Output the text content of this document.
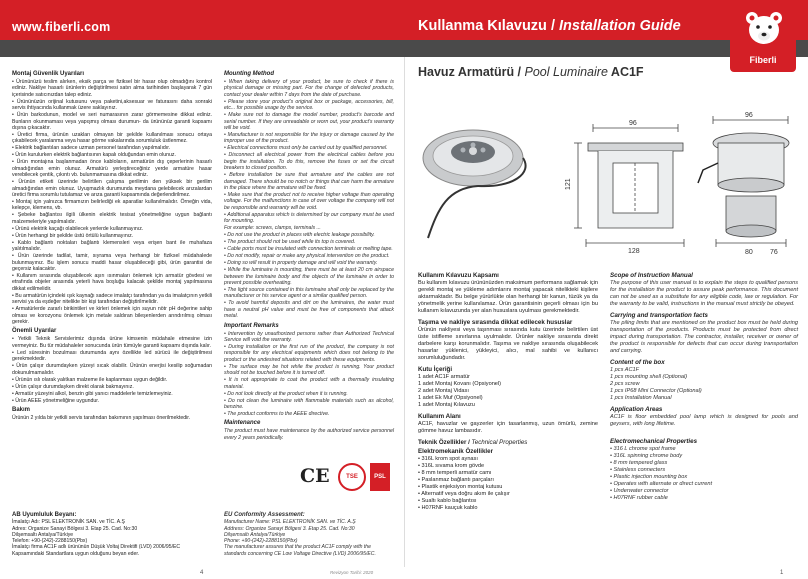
www.fiberli.com	Kullanma Kılavuzu / Installation Guide
Fiberli
Montaj Güvenlik Uyarıları

• Ürününüzü teslim alırken, eksik parça ve fiziksel bir hasar olup olmadığını kontrol ediniz. Nakliye hasarlı ürünlerin değiştirilmesi satın alma tarihinden başlayarak 7 gün içerisinde satıcınızdan talep ediniz.

• Ürününüzün orijinal kutusunu veya paketini,aksesuar ve faturasını daha sonraki servis ihtiyacında kullanmak üzere saklayınız.

• Ürün barkodunun, model ve seri numarasının zarar görmemesine dikkat ediniz. Bunların okunmaması veya yapışmış olması durumun- da ürününüz garanti kapsamı dışına çıkacaktır.

• Üretici firma, ürünün uzakları olmayan bir şekilde kullanılması sonucu ortaya çıkabilecek yaralanma veya hasar görme vakalarında sorumluluk üstlenmez.

• Elektrik bağlantıları sadece uzman personel tarafından yapılmalıdır.

• Ürün kurulurken elektrik bağlantısının kapalı olduğundan emin olunuz.

• Ürün montajına başlanmadan önce kabloların, armatürün dış çeperlerinin hasarlı olmadığından emin olunuz. Armatürü yerleştireceğiniz yerde armatüre hasar verebilecek çentik, çıkıntı vb. bulunmamasına dikkat ediniz.

• Ürünün etiketi üzerinde belirtilen çalışma gerilimin den yüksek bir gerilim almadığından emin olunuz. Uyuşmazlık durumunda meydana gelebilecek arızalardan üretici firma sorumlu tutulamaz ve arıza garanti kapsamında değerlendirilmez.

• Montaj için yalnızca firmamızın belirlediği ek aparatlar kullanılmalıdır. Örneğin vida, kelepçe, klemens, vb.

• Şebeke bağlantısı ilgili ülkenin elektrik tesisat yönetmeliğine uygun bağlantı malzemeleriyle yapılmalıdır.

• Ürünü elektrik kaçağı olabilecek yerlerde kullanmayınız.

• Ürün herhangi bir şekilde üstü örtülü kullanmayınız.

• Kablo bağlantı noktaları bağlantı klemensleri veya erişen bant ile muhafaza yalıtılmalıdır.

• Ürün üzerinde tadilat, tamir, sıyrama veya herhangi bir fiziksel müdahalede bulunmayınız. Bu işlem sonucu maddi hasar oluşabileceği gibi, ürün garantisi de geçersiz kalacaktır.

• Kullanım sırasında oluşabilecek aşırı ısınmaları önlemek için armatür gövdesi ve etrafında objeler arasında yeterli hava boşluğu kalacak şekilde montaj yapılmasına dikkat edilmelidir.

• Bu armatürün içindeki ışık kaynağı sadece imalatçı tarafından ya da imalatçının yetkili servisi ya da eşdeğer nitelikte bir kişi tarafından değiştirilmelidir.

• Armatürlerde zararlı birikintileri ve kirleri önlemek için suyun nötr pH değerine sahip olması ve korozyonu önlemek için metale saldıran bileşenlerden arındırılmış olması gerekir.

Önemli Uyarılar

• Yetkili Teknik Servislerimiz dışında ürüne kimsenin müdahale etmesine izin vermeyiniz. Bu tür müdahaleler sonucunda ürün tümüyle garanti kapsamı dışında kalır.

• Led süresinin bozulması durumunda aynı özellikte led sürücü ile değiştirilmesi gerekmektedir.

• Ürün çalışır durumdayken yüzeyi sıcak olabilir. Ürünün enerjisi kesilip soğumadan dokunulmamalıdır.

• Ürünün ıslı olarak yalıtkan malzeme ile kaplanması uygun değildir.

• Ürün çalışır durumdayken direkt olarak bakmayınız.

• Armatür yüzeyini alkol, benzin gibi yanıcı maddelerle temizlemeyiniz.

• Ürün AEEE yönetmeliğine uygundur.

Bakım

Ürünün 2 yılda bir yetkili servis tarafından bakımının yapılması önerilmektedir.

Mounting Method

• When taking delivery of your product, be sure to check if there is physical damage or missing part. For the change of defected products, contact your dealer within 7 days from the date of purchase.

• Please store your product's original box or package, accessories, bill, etc... for possible usage by the service.

• Make sure not to damage the model number, product's barcode and serial number. If they are unreadable or worn out, your product's warranty will be void.

• Manufacturer is not responsible for the injury or damage caused by the improper use of the product.

• Electrical connections must only be carried out by qualified personnel.

• Disconnect all electrical power from the electrical cables before you begin the installation. To do this, remove the fuses or set the circuit breakers to closed position.

• Before installation be sure that armature and the cables are not damaged. There should be no notch or things that can harm the armature in the place where the armature will be fixed.

• Make sure that the product not to receive higher voltage than operating voltage. For the malfunctions in case of over voltage the company will not be responsible and warranty will be void.

• Additional apparatus which is determined by our company must be used for mounting.

For example: screws, clamps, terminals ...

• Do not use the product in places with electric leakage possibility.

• The product should not be used while its top is covered.

• Cable ports must be insulated with connection terminals or melting tape.

• Do not modify, repair or make any physical intervention on the product.

• Doing so will result in property damage and will void the warranty.

• While the luminaire is mounting, there must be at least 20 cm airspace between the luminaire body and the objects of the luminaire in order to prevent possible overheating.

• The light source contained in this luminaire shall only be replaced by the manufacturer or his service agent or a similar qualified person.

• To avoid harmful deposits and dirt on the luminaires, the water must have a neutral pH value and must be free of components that attack metal.

Important Remarks

• Intervention by unauthorized persons rather than Authorized Technical Service will void the warranty.

• During installation or the first run of the product, the company is not responsible for any electrical equipments which does not belong to the product or the undesired situations related with these equipments.

• The surface may be hot while the product is running. Your product should not be touched before it is turned off.

• It is not appropriate to coat the product with a thermally insulating material.

• Do not look directly at the product when it is running.

• Do not clean the luminaire with flammable materials such as alcohol, benzine.

• The product conforms to the AEEE directive.

Maintenance

The product must have maintenance by the authorized service personnel every 2 years periodically.

CE	TSE	PSL
AB Uyumluluk Beyanı:
İmalatçı Adı: PSL ELEKTRONİK SAN. ve TİC. A.Ş
Adres: Organize Sanayi Bölgesi 3. Etap 25. Cad. No:30
Dilşemsaltı Antalya/Türkiye
Telefon: +90-(242)-2288150(Pbx)
İmalatçı firma AC1F adlı ürününün Düşük Voltaj Direktifi (LVD) 2006/95/EC Kapsamındaki Standartlara uygun olduğunu beyan eder.
EU Conformity Assessment:
Manufacturer Name: PSL ELEKTRONİK SAN. ve TİC. A.Ş
Address: Organize Sanayi Bölgesi 3. Etap 25. Cad. No:30
Dilşemsaltı Antalya/Türkiye
Phone: +90-(242)-2288150(Pbx)
The manufacturer assures that the product AC1F comply with the standards concerning CE Low Voltage Directive (LVD) 2006/95/EC.
Havuz Armatürü / Pool Luminaire AC1F
96
121
128
96
80 76
Kullanım Kılavuzu Kapsamı

Bu kullanım kılavuzu ürününüzden maksimum performans sağlamak için gerekli montaj ve yükleme adımlarını montaj yapacak nitelikteki kişilere aktarmaktadır. Bu belge yürürlükte olan herhangi bir kanun, tüzük ya da yönetmelik yerine kullanılamaz. Ürün garantisinin geçerli olması için bu kullanım kılavuzunda yer alan hususlara uyulması gerekmektedir.

Taşıma ve nakliye sırasında dikkat edilecek hususlar

Ürünün nakliyesi veya taşınması sırasında kutu üzerinde belirtilen üst üste istifleme sınırlarına uyulmalıdır. Ürünler nakliye sırasında direkt darbelere karşı korunmalıdır. Taşıma ve nakliye sırasında oluşabilecek hasarlar yüklenici, yükleyici, alıcı, mal sahibi ve kullanıcı sorumluluğundadır.

Kutu İçeriği
1 adet AC1F armatür
1 adet Montaj Kovanı (Opsiyonel)
2 adet Montaj Vidası
1 adet Ek Muf (Opsiyonel)
1 adet Montaj Kılavuzu
Kullanım Alanı

AC1F, havuzlar ve gayzerler için tasarlanmış, uzun ömürlü, zemine gömme havuz lambasıdır.

Teknik Özellikler / Technical Properties
Elektromekanik Özellikler
• 316L krom spot aynası
• 316L sıvama krom gövde
• 8 mm temperli armatür camı
• Paslanmaz bağlantı parçaları
• Plastik enjeksiyon montaj kutusu
• Alternatif veya doğru akım ile çalışır
• Sualtı kablo bağlantısı
• H07RNF kauçuk kablo
Scope of Instruction Manual

The purpose of this user manual is to explain the steps to qualified persons for the installation the product to assure peak performance. This document can not be used as a substitute for any eligible code, law or regulation. For the warranty to be valid, instructions in the manual must strictly be obeyed.

Carrying and transportation facts

The piling limits that are mentioned on the product box must be held during transportation of the products. Products must be protected from direct impact during transportation. The contractor, installer, receiver or owner of the product is responsible for defects that can occur during transportation and carrying.

Content of the box
1 pcs AC1F
1 pcs mounting shell (Optional)
2 pcs screw
1 pcs IP68 Mini Connector (Optional)
1 pcs Installation Manual
Application Areas

AC1F is floor embedded pool lamp which is designed for pools and geysers, with long lifetime.

Electromechanical Properties
• 316 L chrome spot frame
• 316L spinning chrome body
• 8 mm tempered glass
• Stainless connecters
• Plastic injection mounting box
• Operates with alternate or direct current
• Underwater connector
• H07RNF rubber cable
4	Revizyon Tarihi: 2020	1
